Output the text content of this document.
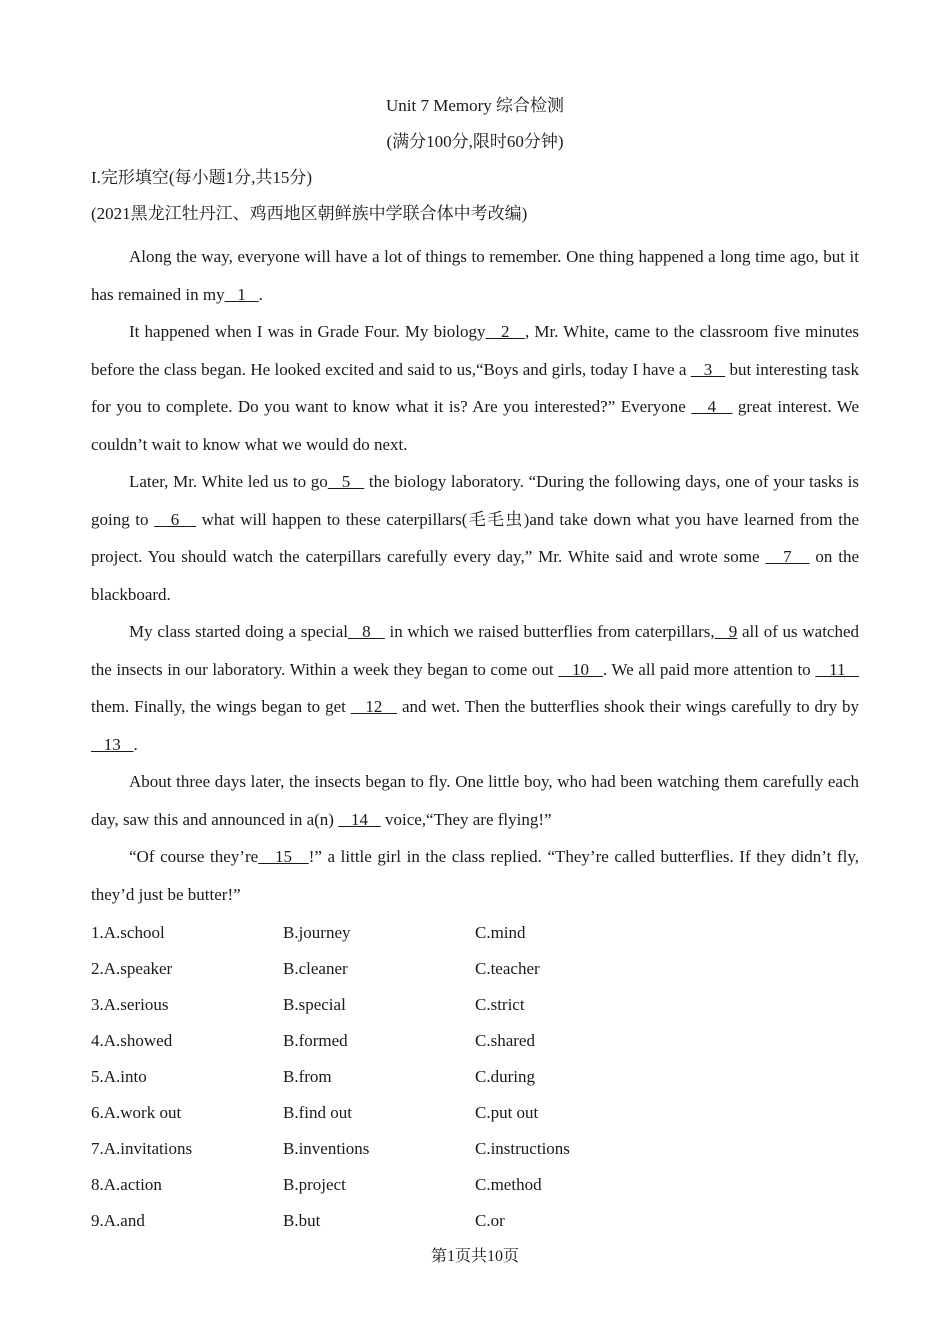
Unit 7 Memory 综合检测
(满分100分,限时60分钟)
I.完形填空(每小题1分,共15分)
(2021黑龙江牡丹江、鸡西地区朝鲜族中学联合体中考改编)
Along the way, everyone will have a lot of things to remember. One thing happened a long time ago, but it has remained in my   1   .
It happened when I was in Grade Four. My biology   2   , Mr. White, came to the classroom five minutes before the class began. He looked excited and said to us,“Boys and girls, today I have a    3    but interesting task for you to complete. Do you want to know what it is? Are you interested?” Everyone    4    great interest. We couldn’t wait to know what we would do next.
Later, Mr. White led us to go   5    the biology laboratory. “During the following days, one of your tasks is going to    6    what will happen to these caterpillars(毛毛虫)and take down what you have learned from the project. You should watch the caterpillars carefully every day,” Mr. White said and wrote some    7    on the blackboard.
My class started doing a special   8    in which we raised butterflies from caterpillars,   9 all of us watched the insects in our laboratory. Within a week they began to come out    10   . We all paid more attention to    11    them. Finally, the wings began to get    12    and wet. Then the butterflies shook their wings carefully to dry by    13   .
About three days later, the insects began to fly. One little boy, who had been watching them carefully each day, saw this and announced in a(n)    14    voice,“They are flying!”
“Of course they’re   15   !” a little girl in the class replied. “They’re called butterflies. If they didn’t fly, they’d just be butter!”
1.A.school	B.journey	C.mind
2.A.speaker	B.cleaner	C.teacher
3.A.serious	B.special	C.strict
4.A.showed	B.formed	C.shared
5.A.into	B.from	C.during
6.A.work out	B.find out	C.put out
7.A.invitations	B.inventions	C.instructions
8.A.action	B.project	C.method
9.A.and	B.but	C.or
第1页共10页
